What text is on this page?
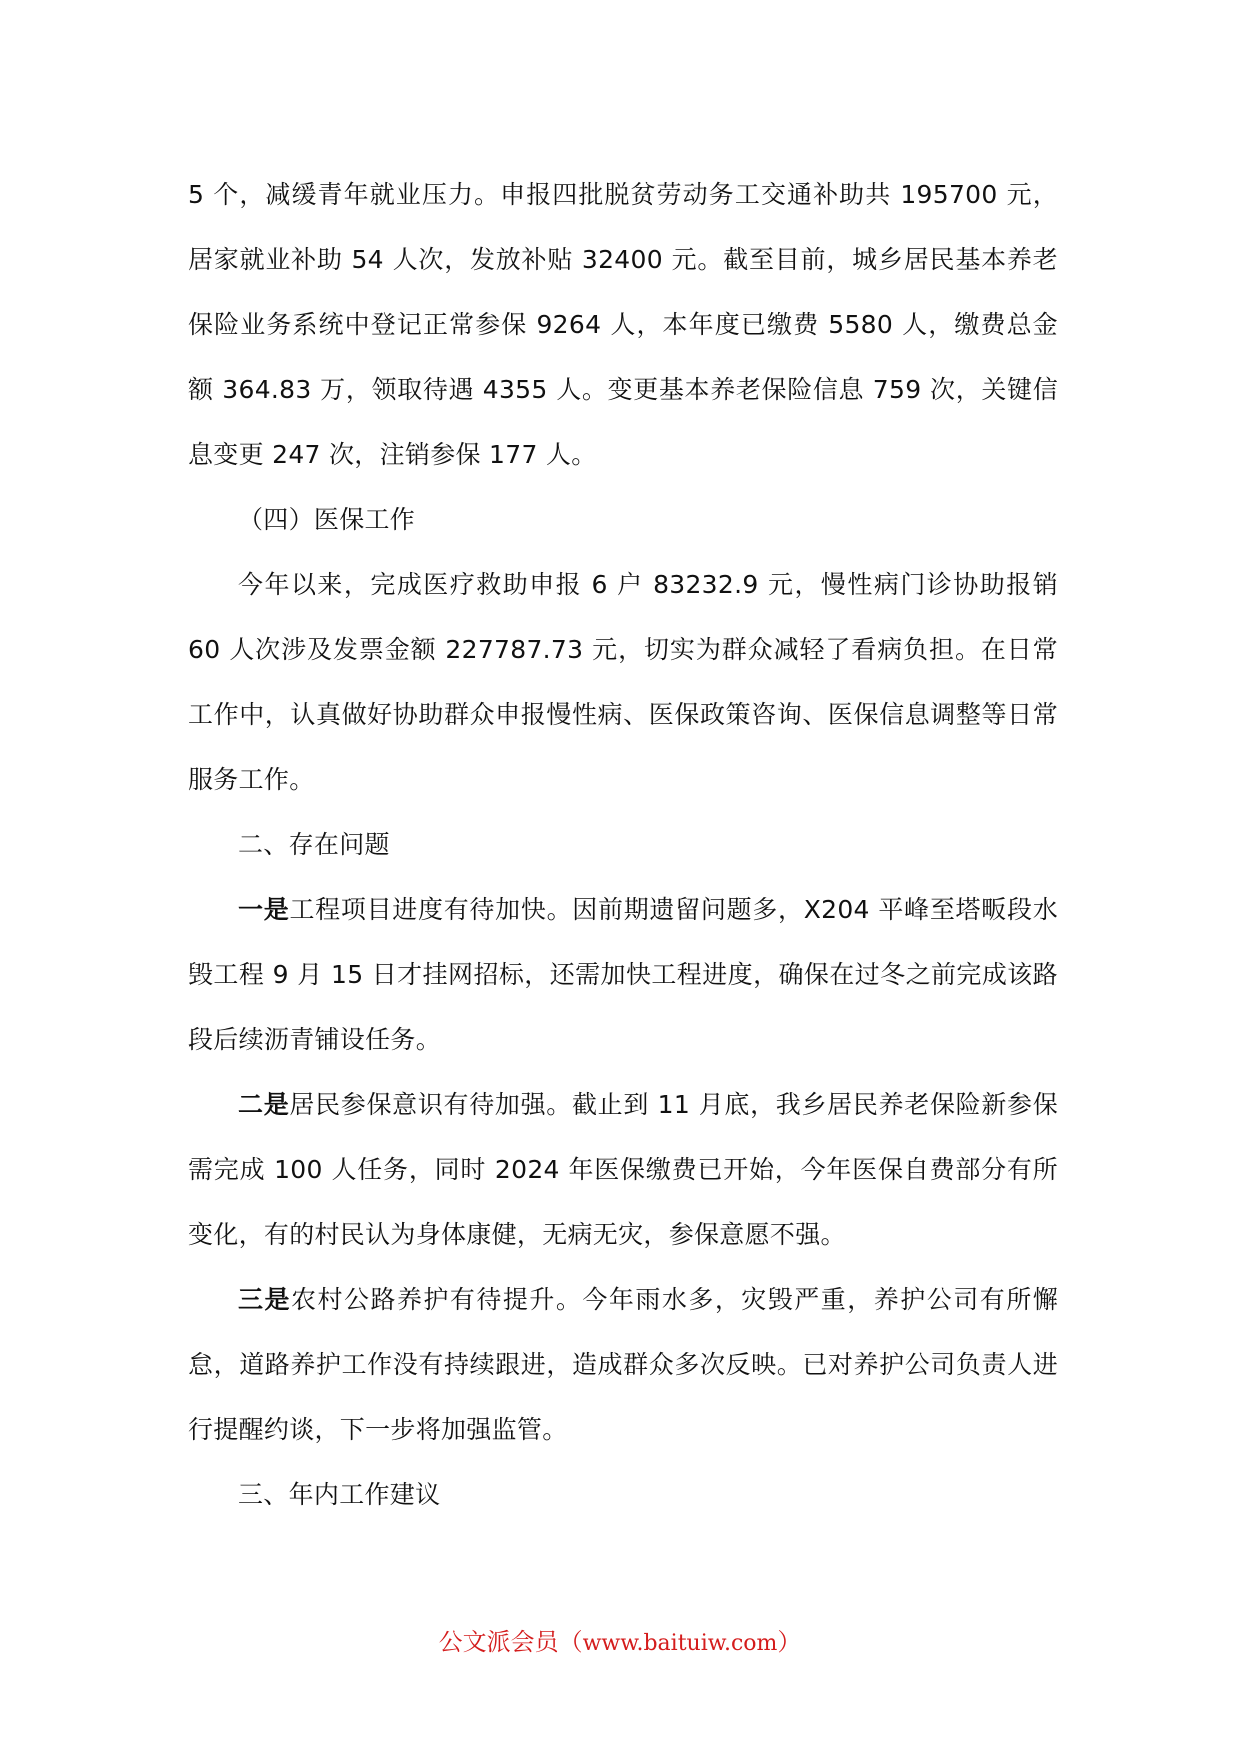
5 个，减缓青年就业压力。申报四批脱贫劳动务工交通补助共 195700 元，居家就业补助 54 人次，发放补贴 32400 元。截至目前，城乡居民基本养老保险业务系统中登记正常参保 9264 人，本年度已缴费 5580 人，缴费总金额 364.83 万，领取待遇 4355 人。变更基本养老保险信息 759 次，关键信息变更 247 次，注销参保 177 人。

（四）医保工作

今年以来，完成医疗救助申报 6 户 83232.9 元，慢性病门诊协助报销 60 人次涉及发票金额 227787.73 元，切实为群众减轻了看病负担。在日常工作中，认真做好协助群众申报慢性病、医保政策咨询、医保信息调整等日常服务工作。

二、存在问题

一是工程项目进度有待加快。因前期遗留问题多，X204 平峰至塔畈段水毁工程 9 月 15 日才挂网招标，还需加快工程进度，确保在过冬之前完成该路段后续沥青铺设任务。

二是居民参保意识有待加强。截止到 11 月底，我乡居民养老保险新参保需完成 100 人任务，同时 2024 年医保缴费已开始，今年医保自费部分有所变化，有的村民认为身体康健，无病无灾，参保意愿不强。

三是农村公路养护有待提升。今年雨水多，灾毁严重，养护公司有所懈怠，道路养护工作没有持续跟进，造成群众多次反映。已对养护公司负责人进行提醒约谈，下一步将加强监管。

三、年内工作建议

公文派会员（www.baituiw.com）
